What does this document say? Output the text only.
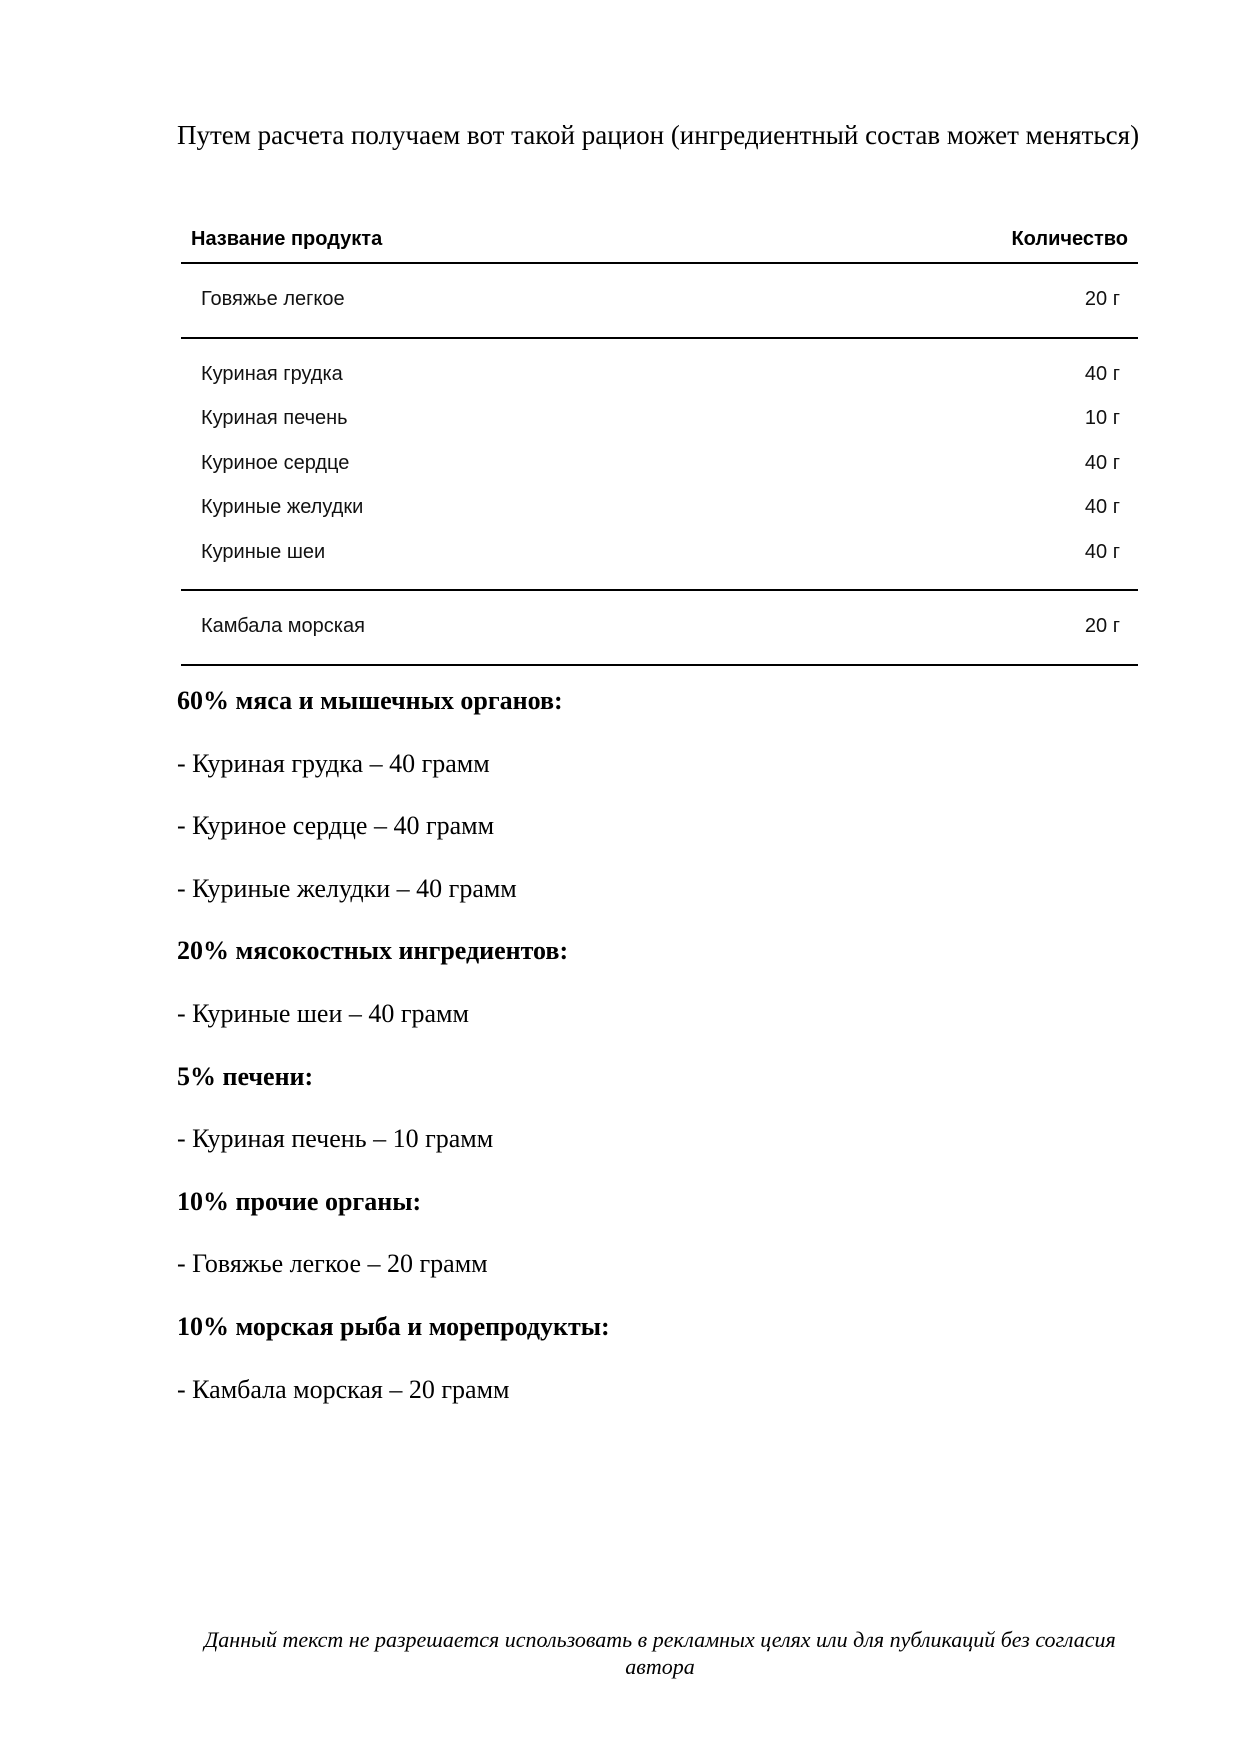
Путем расчета получаем вот такой рацион (ингредиентный состав может меняться)
Название продукта	Количество
Говяжье легкое	20 г
Куриная грудка	40 г
Куриная печень	10 г
Куриное сердце	40 г
Куриные желудки	40 г
Куриные шеи	40 г
Камбала морская	20 г
60% мяса и мышечных органов:
- Куриная грудка – 40 грамм
- Куриное сердце – 40 грамм
- Куриные желудки – 40 грамм
20% мясокостных ингредиентов:
- Куриные шеи – 40 грамм
5% печени:
- Куриная печень – 10 грамм
10% прочие органы:
- Говяжье легкое – 20 грамм
10% морская рыба и морепродукты:
- Камбала морская – 20 грамм
Данный текст не разрешается использовать в рекламных целях или для публикаций без согласия автора
